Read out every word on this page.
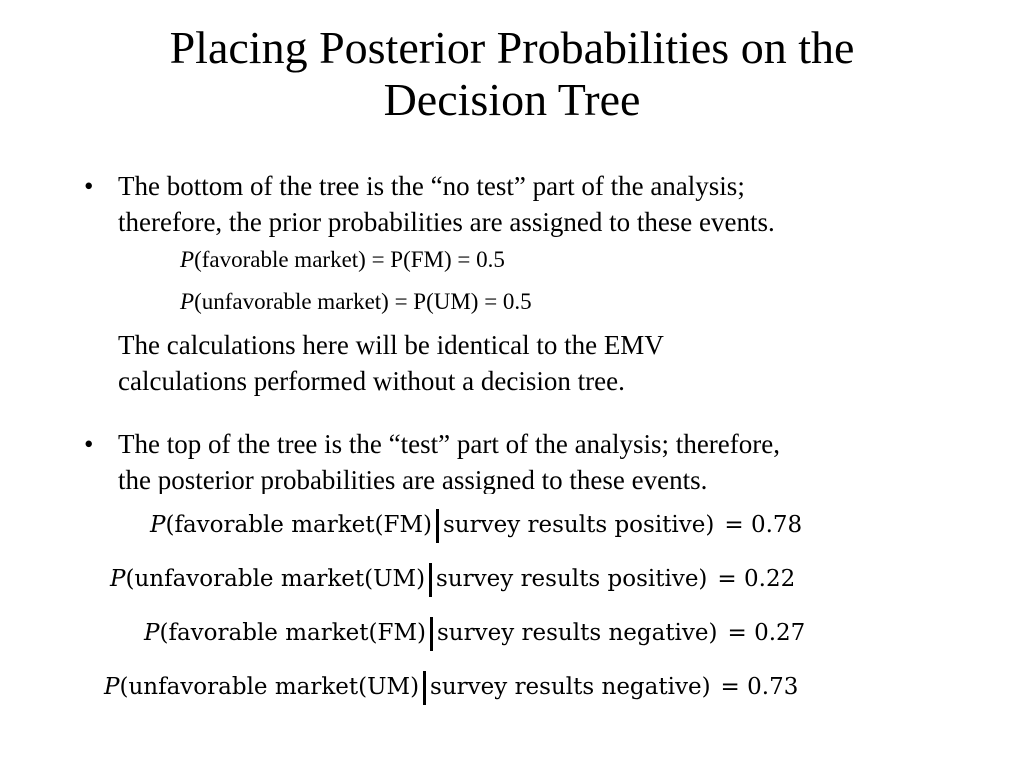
Placing Posterior Probabilities on the
Decision Tree
• The bottom of the tree is the “no test” part of the analysis;
therefore, the prior probabilities are assigned to these events.
P(favorable market) = P(FM) = 0.5
P(unfavorable market) = P(UM) = 0.5
The calculations here will be identical to the EMV
calculations performed without a decision tree.
• The top of the tree is the “test” part of the analysis; therefore,
the posterior probabilities are assigned to these events.
P(favorable market(FM) survey results positive) = 0.78
P(unfavorable market(UM) survey results positive) = 0.22
P(favorable market(FM) survey results negative) = 0.27
P(unfavorable market(UM) survey results negative) = 0.73
